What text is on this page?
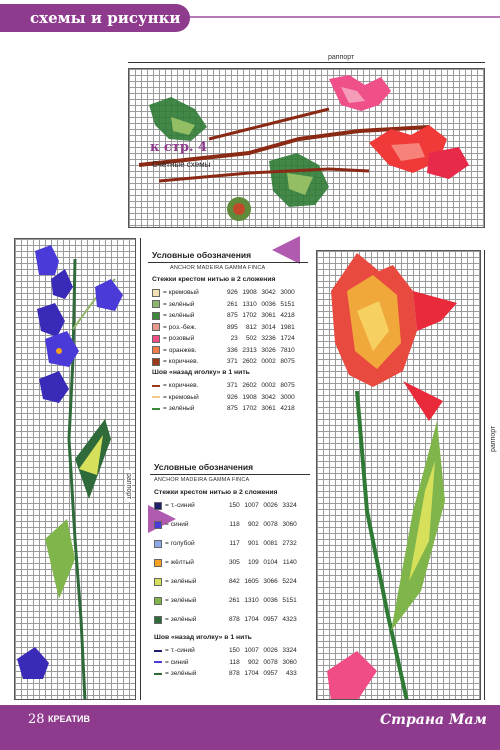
схемы и рисунки
раппорт
к стр. 4
Счётные схемы
раппорт
раппорт
Условные обозначения
ANCHOR MADEIRA GAMMA FINCA
Стежки крестом нитью в 2 сложения
= кремовый	926 1908 3042 3000
= зелёный	261 1310 0036 5151
= зелёный	875 1702 3061 4218
= роз.-беж.	895	812 3014 1981
= розовый	23	502 3236 1724
= оранжев.	336 2313 3026 7810
= коричнев.	371 2602 0002 8075
Шов «назад иголку» в 1 нить
= коричнев.	371 2602 0002 8075
= кремовый	926 1908 3042 3000
= зелёный	875 1702 3061 4218
Условные обозначения
ANCHOR MADEIRA GAMMA FINCA
Стежки крестом нитью в 2 сложения
= т.-синий	150 1007 0026 3324
= синий	118	902 0078 3060
= голубой	117	901 0081 2732
= жёлтый	305	109 0104 1140
= зелёный	842 1605 3066 5224
= зелёный	261 1310 0036 5151
= зелёный	878 1704 0957 4323
Шов «назад иголку» в 1 нить
= т.-синий	150 1007 0026 3324
= синий	118	902 0078 3060
= зелёный	878 1704 0957	433
28 КРЕАТИВ	Страна Мам
